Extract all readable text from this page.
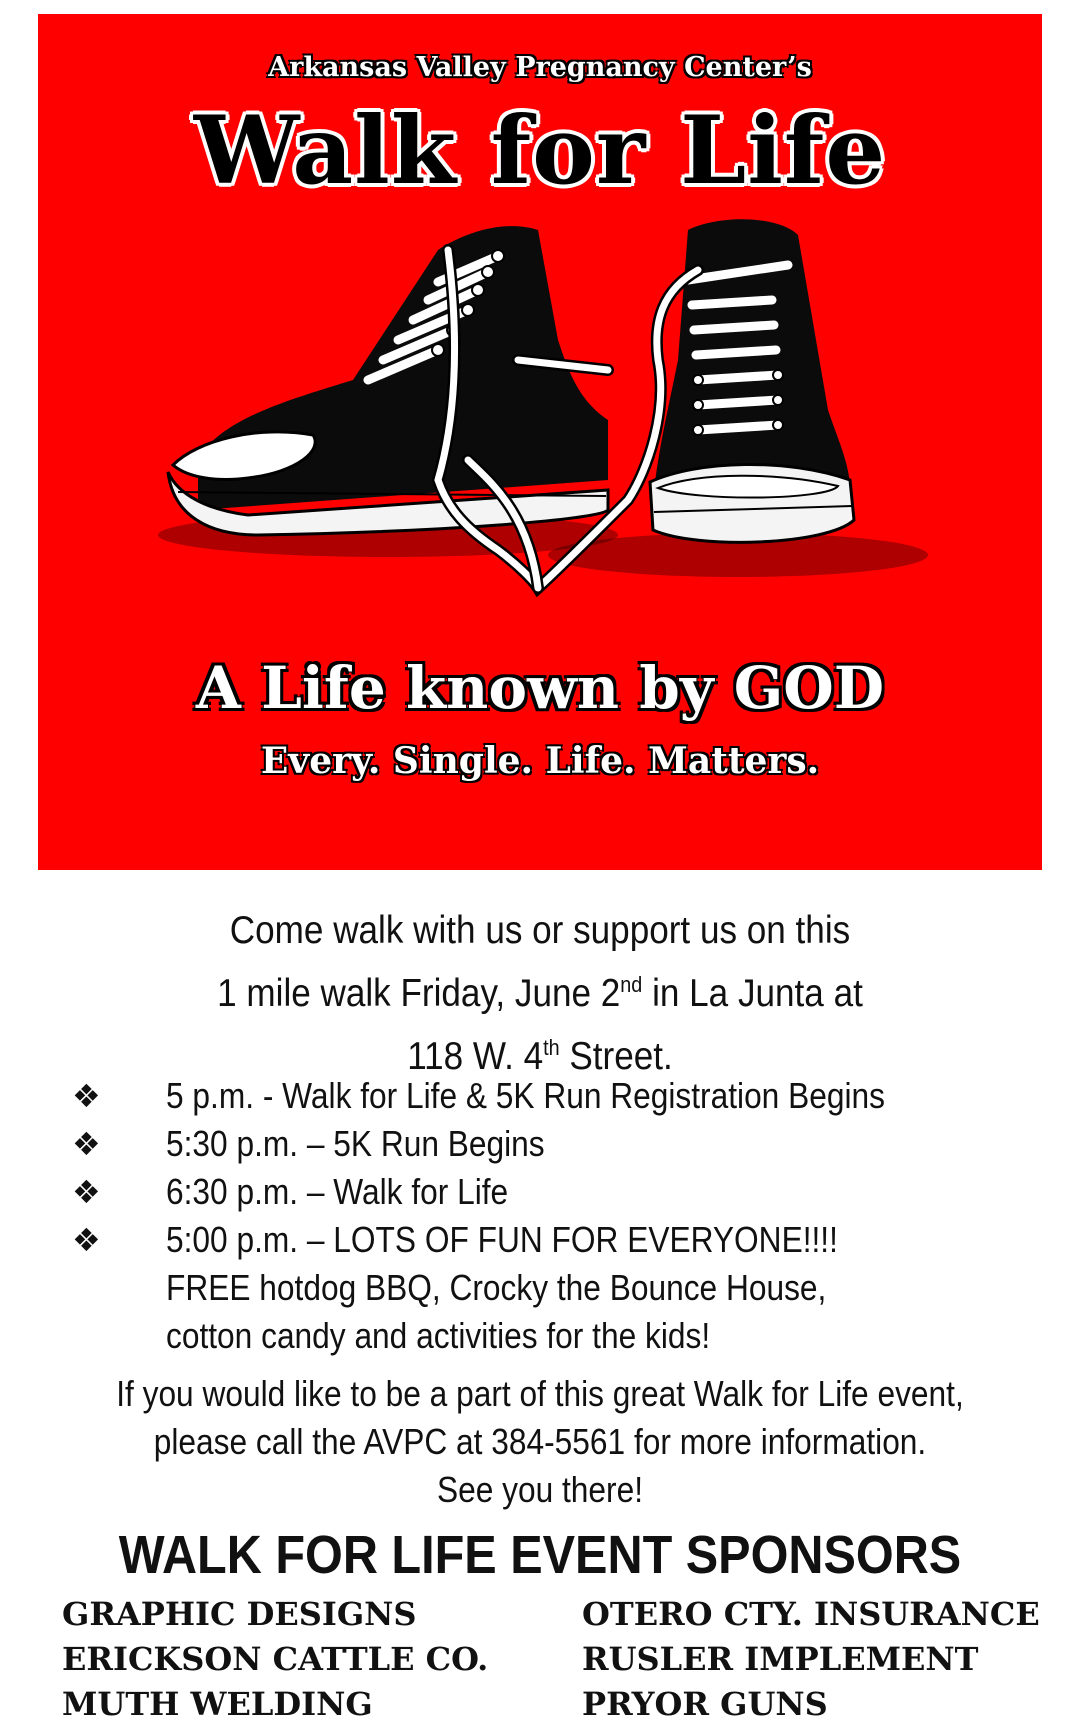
Arkansas Valley Pregnancy Center’s
Walk for Life
A Life known by GOD
Every. Single. Life. Matters.
Come walk with us or support us on this
1 mile walk Friday, June 2nd in La Junta at
118 W. 4th Street.
❖ 5 p.m. - Walk for Life & 5K Run Registration Begins
❖ 5:30 p.m. – 5K Run Begins
❖ 6:30 p.m. – Walk for Life
❖ 5:00 p.m. – LOTS OF FUN FOR EVERYONE!!!!
FREE hotdog BBQ, Crocky the Bounce House,
cotton candy and activities for the kids!
If you would like to be a part of this great Walk for Life event,
please call the AVPC at 384-5561 for more information.
See you there!
WALK FOR LIFE EVENT SPONSORS
GRAPHIC DESIGNS
ERICKSON CATTLE CO.
MUTH WELDING
OTERO CTY. INSURANCE
RUSLER IMPLEMENT
PRYOR GUNS
